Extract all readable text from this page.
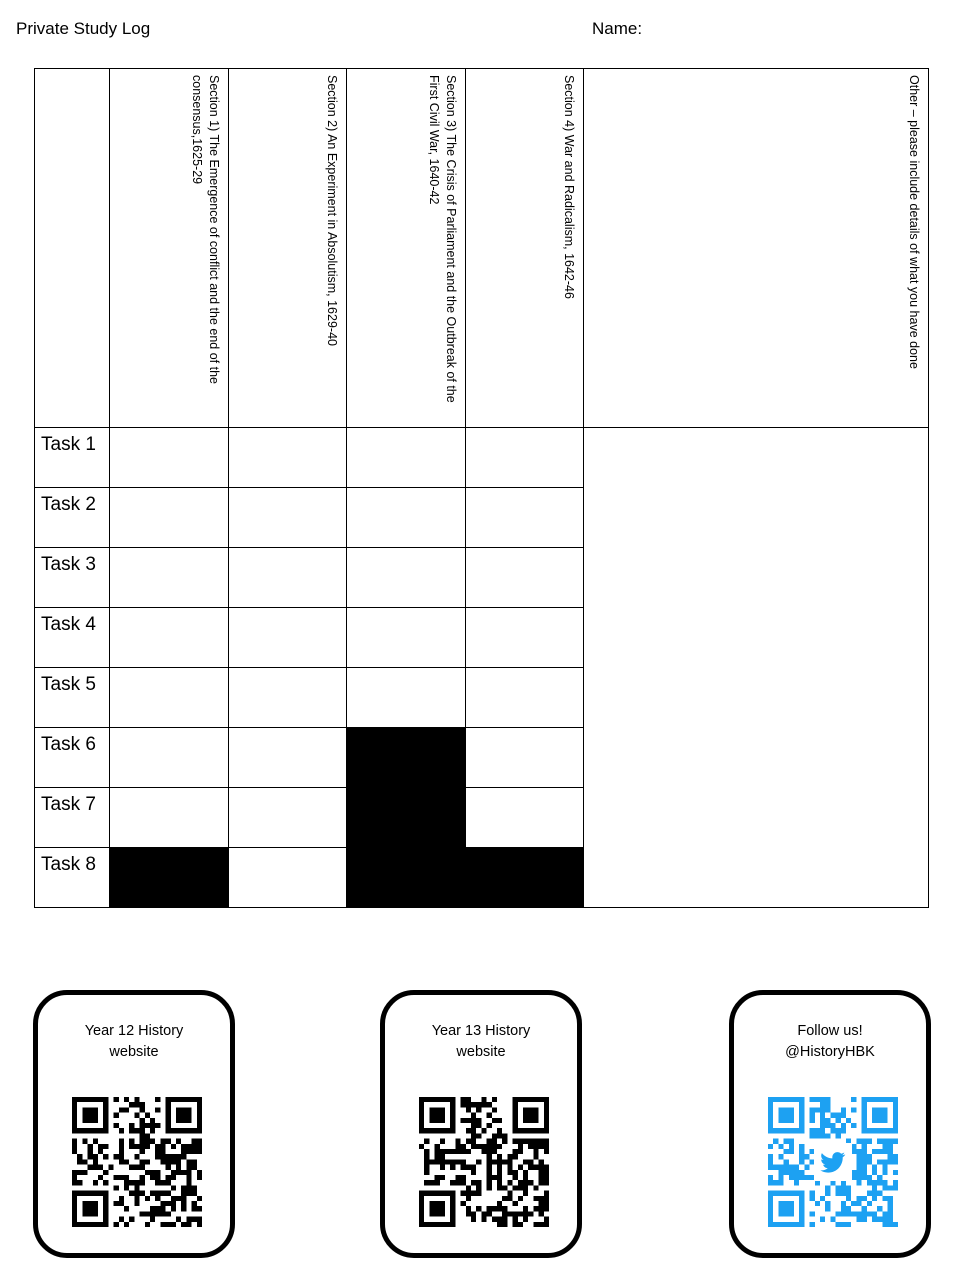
Private Study Log	Name:

	Section 1) The Emergence of conflict and the end of the consensus,1625-29	Section 2) An Experiment in Absolutism, 1629-40	Section 3) The Crisis of Parliament and the Outbreak of the First Civil War, 1640-42	Section 4) War and Radicalism, 1642-46	Other – please include details of what you have done

Task 1					
Task 2					
Task 3					
Task 4					
Task 5					
Task 6					
Task 7					
Task 8					
Year 12 History
website
Year 13 History
website
Follow us!
@HistoryHBK
